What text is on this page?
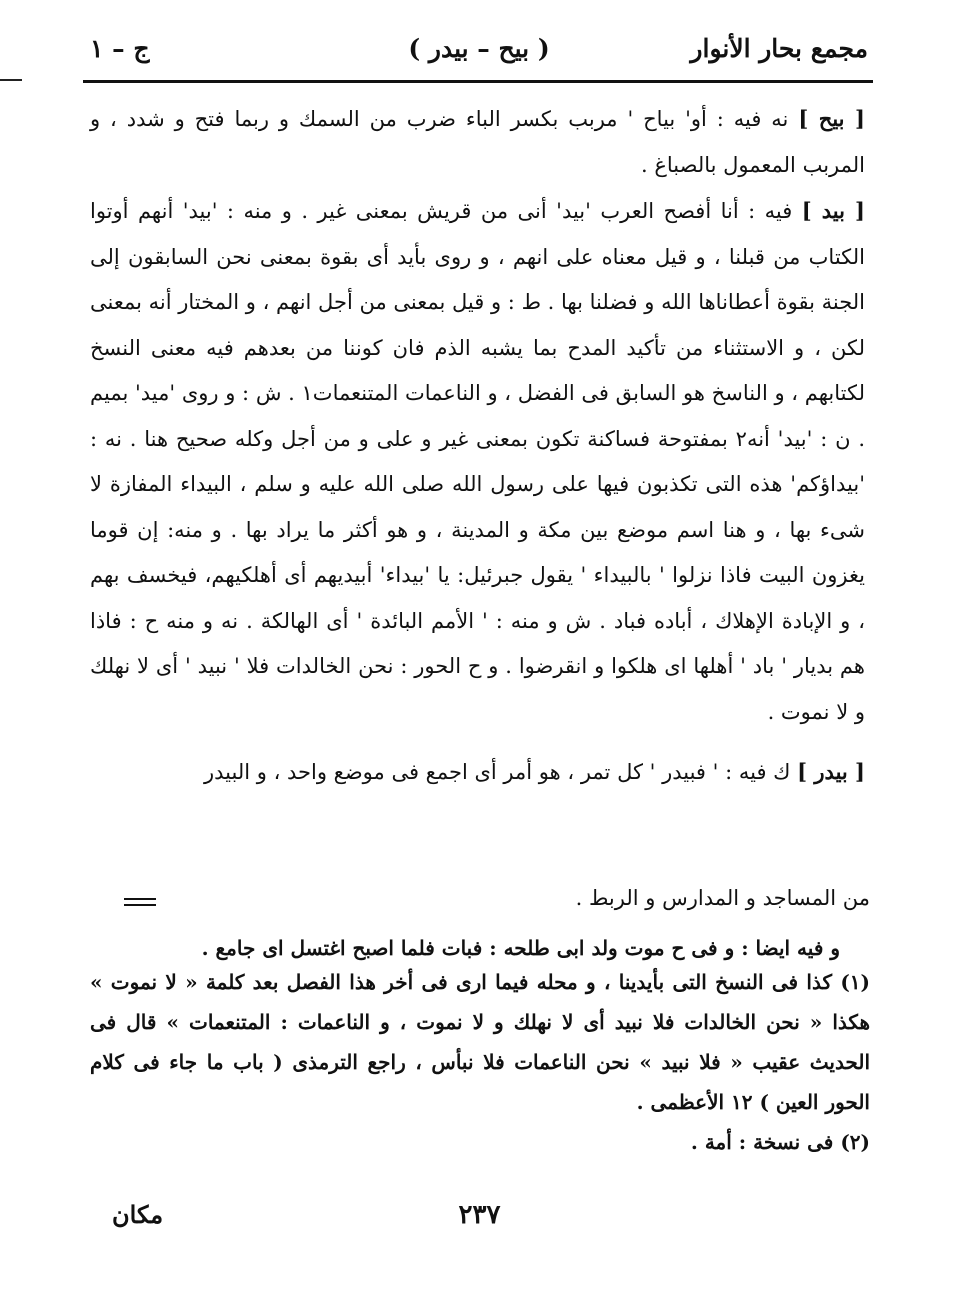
مجمع بحار الأنوار
( بيح – بيدر )
ج – ١

[ بيح ] نه فيه : أو' بياح ' مربب بكسر الباء ضرب من السمك و ربما فتح و شدد ، و المربب المعمول بالصباغ .

[ بيد ] فيه : أنا أفصح العرب 'بيد' أنى من قريش بمعنى غير . و منه : 'بيد' أنهم أوتوا الكتاب من قبلنا ، و قيل معناه على انهم ، و روى بأيد أى بقوة بمعنى نحن السابقون إلى الجنة بقوة أعطاناها الله و فضلنا بها . ط : و قيل بمعنى من أجل انهم ، و المختار أنه بمعنى لكن ، و الاستثناء من تأكيد المدح بما يشبه الذم فان كوننا من بعدهم فيه معنى النسخ لكتابهم ، و الناسخ هو السابق فى الفضل ، و الناعمات المتنعمات١ . ش : و روى 'ميد' بميم . ن : 'بيد' أنه٢ بمفتوحة فساكنة تكون بمعنى غير و على و من أجل وكله صحيح هنا . نه : 'بيداؤكم' هذه التى تكذبون فيها على رسول الله صلى الله عليه و سلم ، البيداء المفازة لا شىء بها ، و هنا اسم موضع بين مكة و المدينة ، و هو أكثر ما يراد بها . و منه: إن قوما يغزون البيت فاذا نزلوا ' بالبيداء ' يقول جبرئيل: يا 'بيداء' أبيديهم أى أهلكيهم، فيخسف بهم ، و الإبادة الإهلاك ، أباده فباد . ش و منه : ' الأمم البائدة ' أى الهالكة . نه و منه ح : فاذا هم بديار ' باد ' أهلها اى هلكوا و انقرضوا . و ح الحور : نحن الخالدات فلا ' نبيد ' أى لا نهلك و لا نموت .

[ بيدر ] ك فيه : ' فبيدر ' كل تمر ، هو أمر أى اجمع فى موضع واحد ، و البيدر

من المساجد و المدارس و الربط .
و فيه ايضا : و فى ح موت ولد ابى طلحه : فبات فلما اصبح اغتسل اى جامع .

(١) كذا فى النسخ التى بأيدينا ، و محله فيما ارى فى أخر هذا الفصل بعد كلمة « لا نموت » هكذا « نحن الخالدات فلا نبيد أى لا نهلك و لا نموت ، و الناعمات : المتنعمات » قال فى الحديث عقيب « فلا نبيد » نحن الناعمات فلا نبأس ، راجع الترمذى ( باب ما جاء فى كلام الحور العين ) ١٢ الأعظمى .

(٢) فى نسخة : أمة .

٢٣٧
مكان
